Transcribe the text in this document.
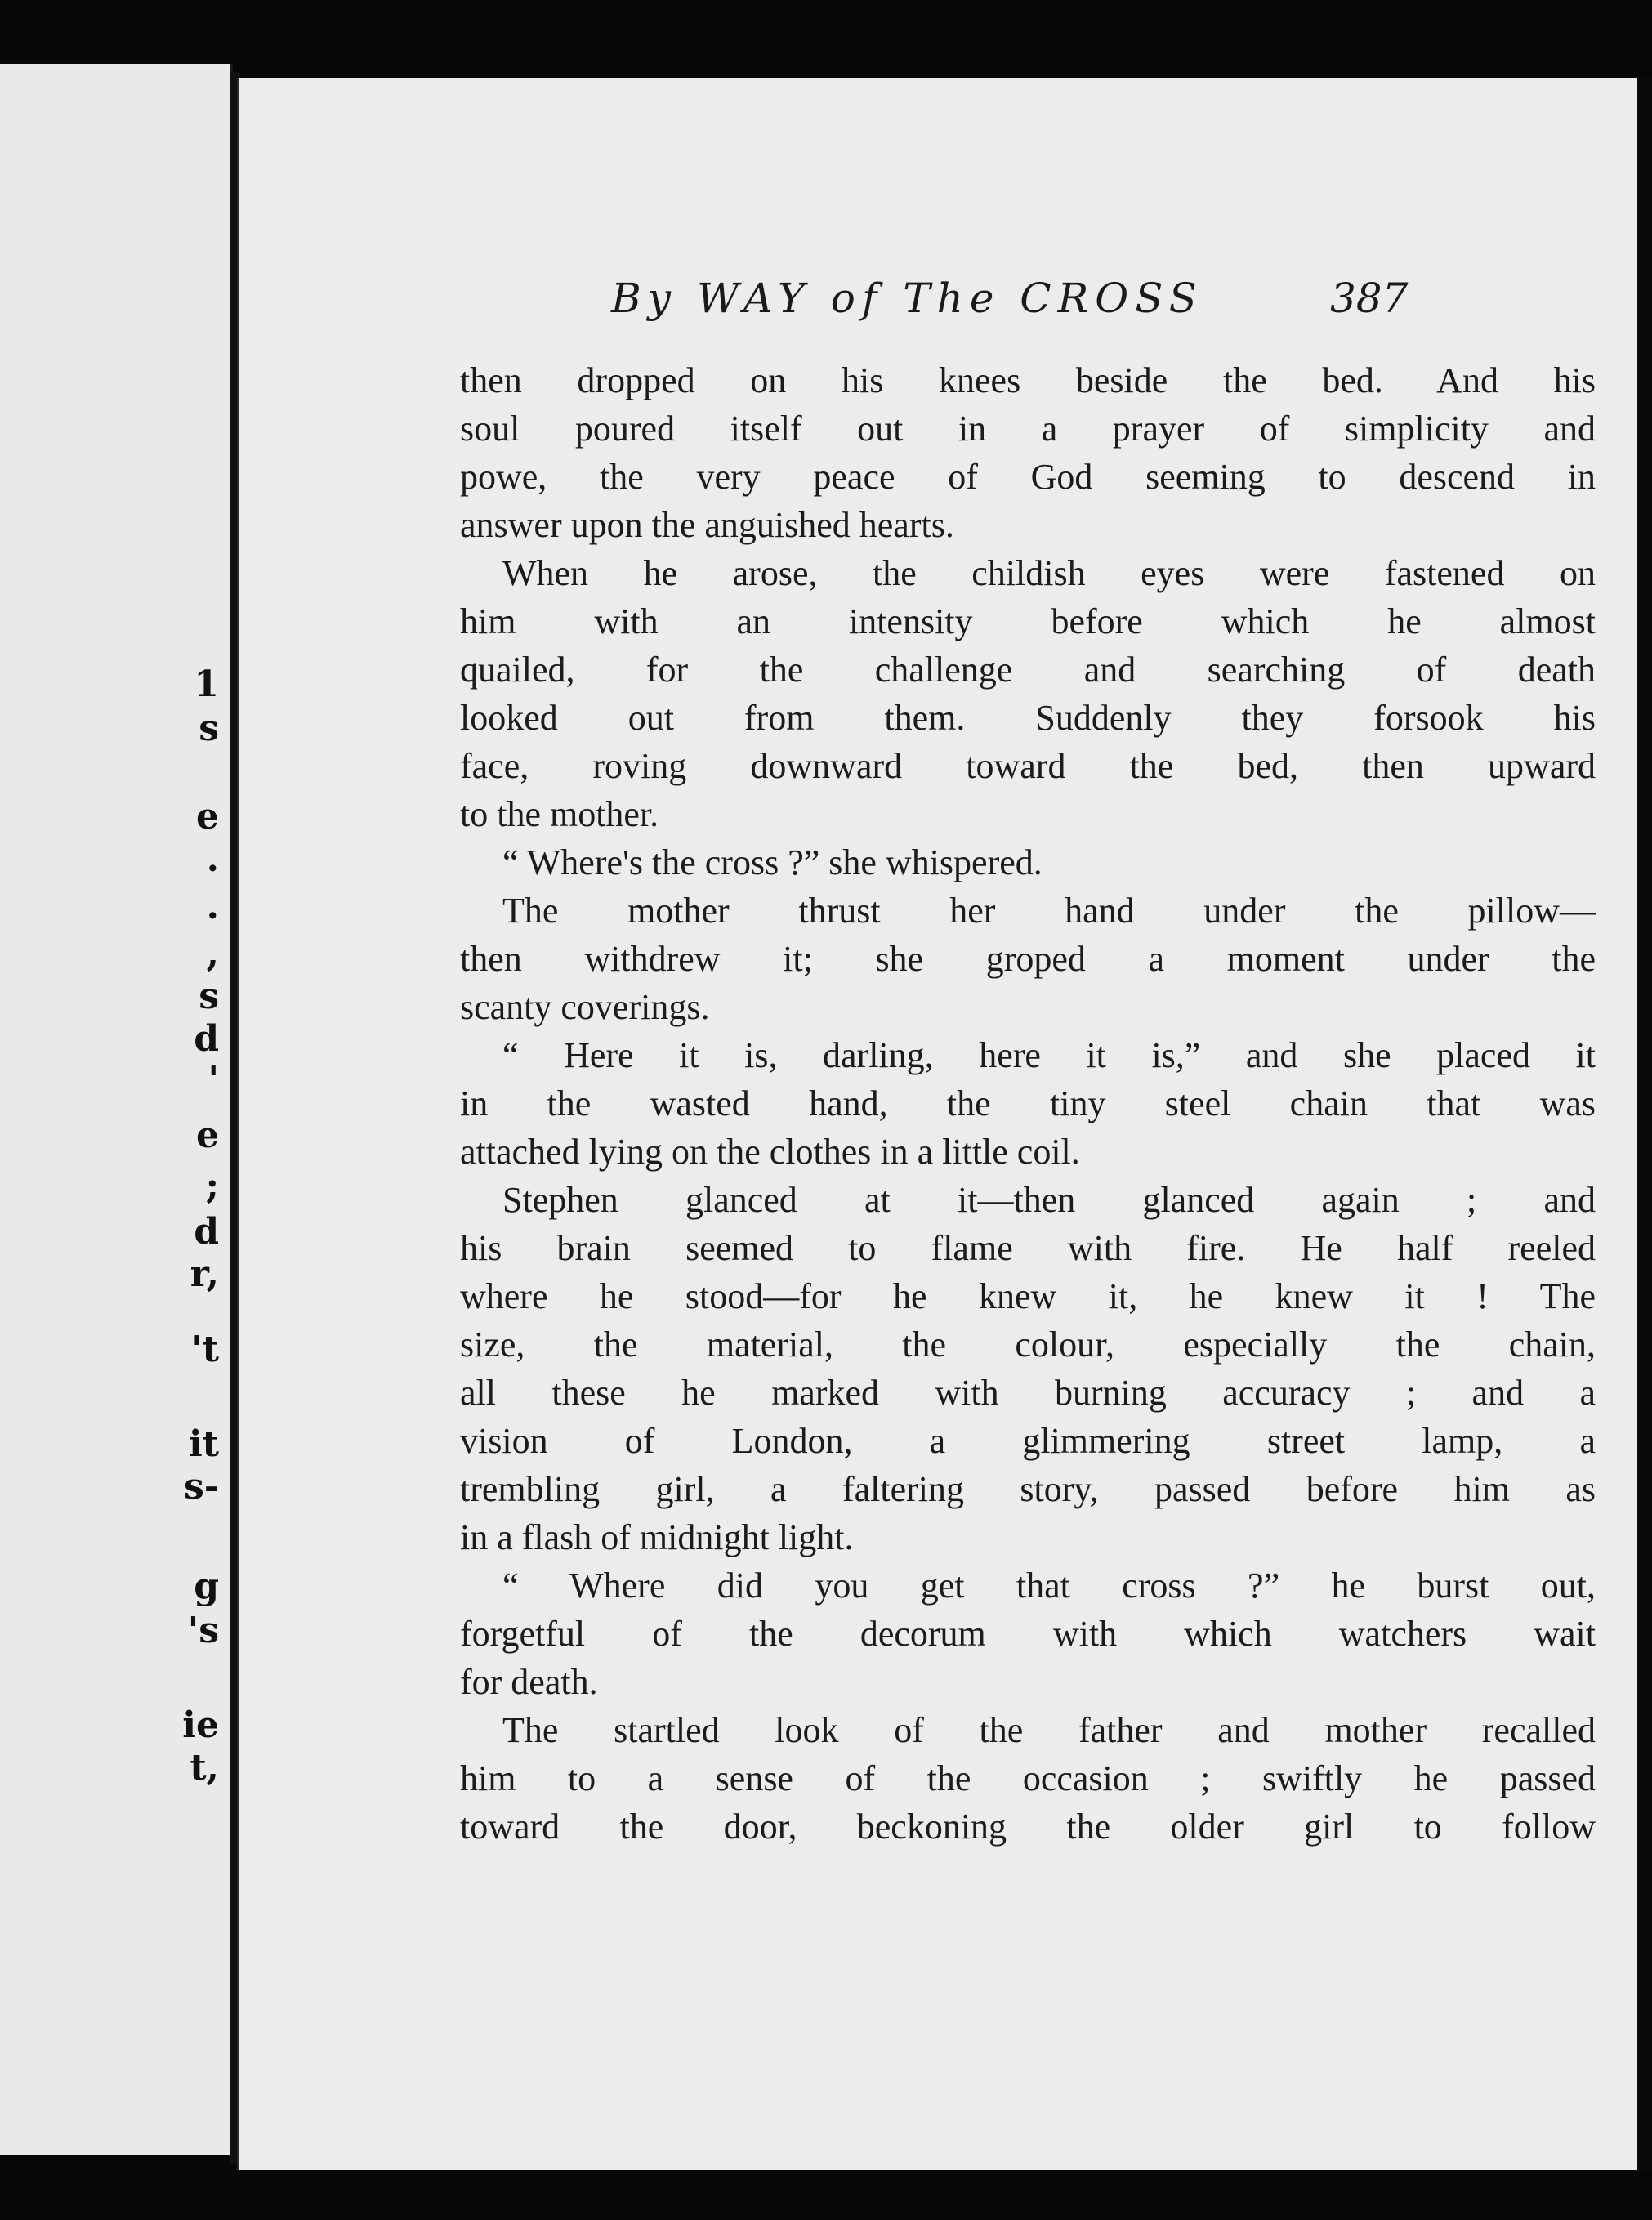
1
s
e
.
.
,
s
d
'
e
;
d
r,
't
it
s-
g
's
ie
t,
By WAY of The CROSS	387
then dropped on his knees beside the bed. And his
soul poured itself out in a prayer of simplicity and
powe, the very peace of God seeming to descend in
answer upon the anguished hearts.
When he arose, the childish eyes were fastened on
him with an intensity before which he almost
quailed, for the challenge and searching of death
looked out from them. Suddenly they forsook his
face, roving downward toward the bed, then upward
to the mother.
“ Where's the cross ?” she whispered.
The mother thrust her hand under the pillow—
then withdrew it; she groped a moment under the
scanty coverings.
“ Here it is, darling, here it is,” and she placed it
in the wasted hand, the tiny steel chain that was
attached lying on the clothes in a little coil.
Stephen glanced at it—then glanced again ; and
his brain seemed to flame with fire. He half reeled
where he stood—for he knew it, he knew it ! The
size, the material, the colour, especially the chain,
all these he marked with burning accuracy ; and a
vision of London, a glimmering street lamp, a
trembling girl, a faltering story, passed before him as
in a flash of midnight light.
“ Where did you get that cross ?” he burst out,
forgetful of the decorum with which watchers wait
for death.
The startled look of the father and mother recalled
him to a sense of the occasion ; swiftly he passed
toward the door, beckoning the older girl to follow
